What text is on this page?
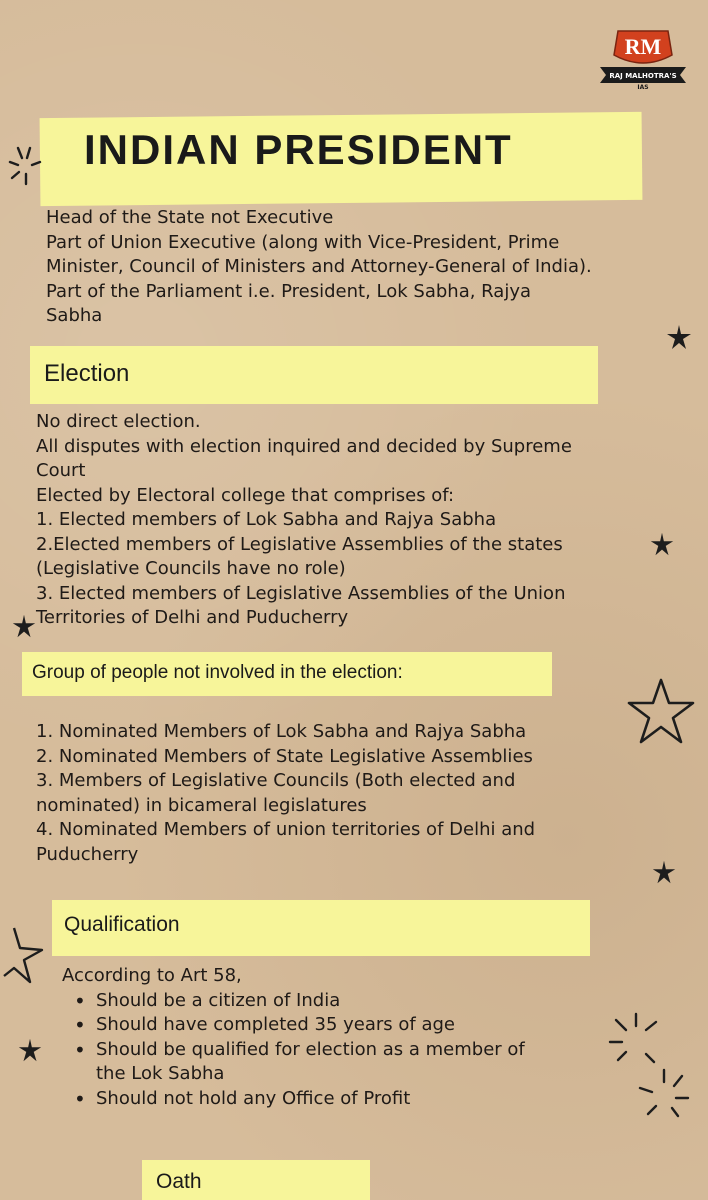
RM
RAJ MALHOTRA'S
IAS
INDIAN PRESIDENT
Head of the State not Executive
Part of Union Executive (along with Vice-President, Prime
Minister, Council of Ministers and Attorney-General of India).
Part of the Parliament i.e. President, Lok Sabha, Rajya
Sabha
Election
No direct election.
All disputes with election inquired and decided by Supreme
Court
Elected by Electoral college that comprises of:
1. Elected members of Lok Sabha and Rajya Sabha
2.Elected members of Legislative Assemblies of the states
(Legislative Councils have no role)
3. Elected members of Legislative Assemblies of the Union
Territories of Delhi and Puducherry
Group of people not involved in the election:
1. Nominated Members of Lok Sabha and Rajya Sabha
2. Nominated Members of State Legislative Assemblies
3. Members of Legislative Councils (Both elected and
nominated) in bicameral legislatures
4. Nominated Members of union territories of Delhi and
Puducherry
Qualification
According to Art 58,
• Should be a citizen of India
• Should have completed 35 years of age
• Should be qualified for election as a member of
the Lok Sabha
• Should not hold any Office of Profit
Oath
